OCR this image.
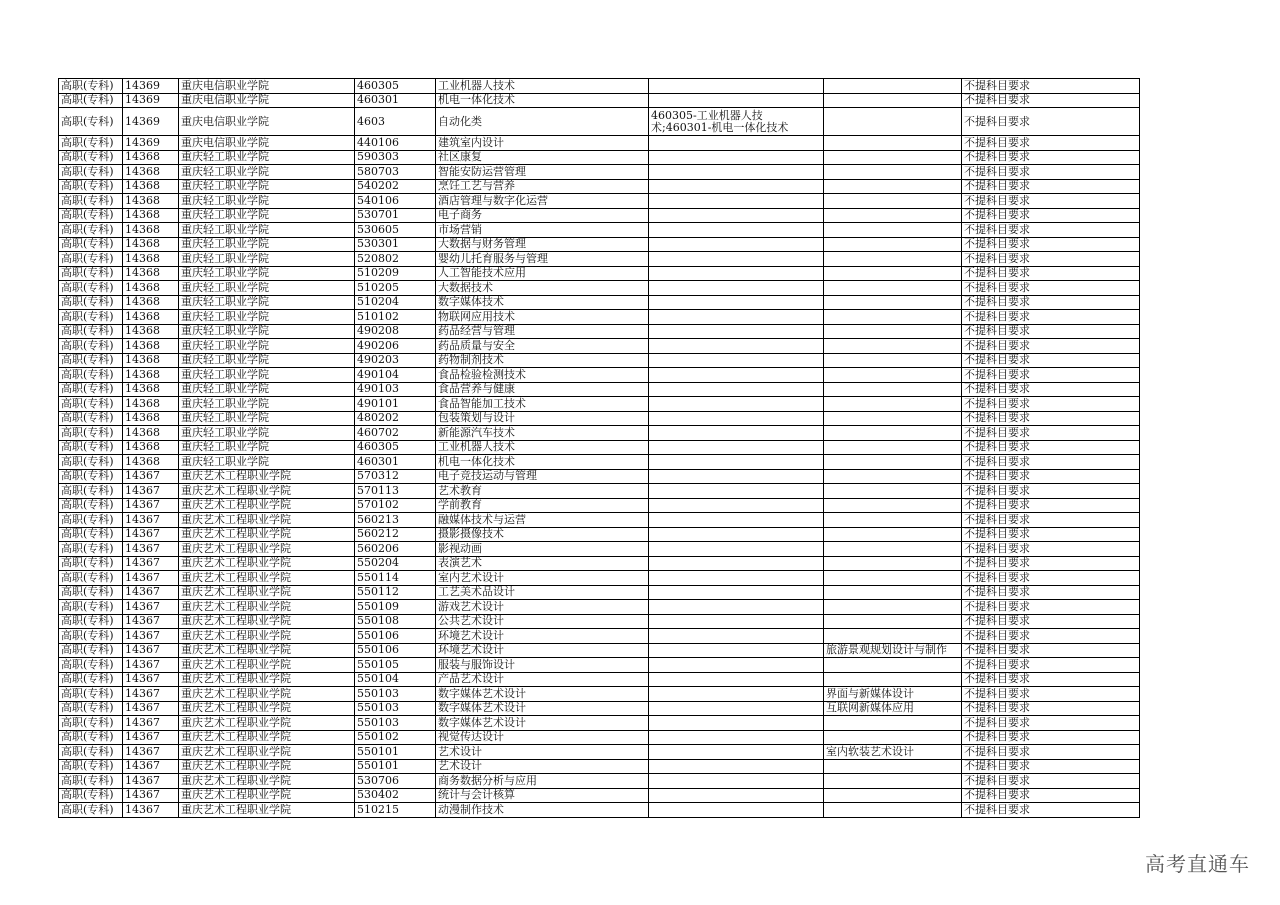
高职(专科)	14369	重庆电信职业学院	460305	工业机器人技术			不提科目要求
高职(专科)	14369	重庆电信职业学院	460301	机电一体化技术			不提科目要求
高职(专科)	14369	重庆电信职业学院	4603	自动化类	460305-工业机器人技术;460301-机电一体化技术		不提科目要求
高职(专科)	14369	重庆电信职业学院	440106	建筑室内设计			不提科目要求
高职(专科)	14368	重庆轻工职业学院	590303	社区康复			不提科目要求
高职(专科)	14368	重庆轻工职业学院	580703	智能安防运营管理			不提科目要求
高职(专科)	14368	重庆轻工职业学院	540202	烹饪工艺与营养			不提科目要求
高职(专科)	14368	重庆轻工职业学院	540106	酒店管理与数字化运营			不提科目要求
高职(专科)	14368	重庆轻工职业学院	530701	电子商务			不提科目要求
高职(专科)	14368	重庆轻工职业学院	530605	市场营销			不提科目要求
高职(专科)	14368	重庆轻工职业学院	530301	大数据与财务管理			不提科目要求
高职(专科)	14368	重庆轻工职业学院	520802	婴幼儿托育服务与管理			不提科目要求
高职(专科)	14368	重庆轻工职业学院	510209	人工智能技术应用			不提科目要求
高职(专科)	14368	重庆轻工职业学院	510205	大数据技术			不提科目要求
高职(专科)	14368	重庆轻工职业学院	510204	数字媒体技术			不提科目要求
高职(专科)	14368	重庆轻工职业学院	510102	物联网应用技术			不提科目要求
高职(专科)	14368	重庆轻工职业学院	490208	药品经营与管理			不提科目要求
高职(专科)	14368	重庆轻工职业学院	490206	药品质量与安全			不提科目要求
高职(专科)	14368	重庆轻工职业学院	490203	药物制剂技术			不提科目要求
高职(专科)	14368	重庆轻工职业学院	490104	食品检验检测技术			不提科目要求
高职(专科)	14368	重庆轻工职业学院	490103	食品营养与健康			不提科目要求
高职(专科)	14368	重庆轻工职业学院	490101	食品智能加工技术			不提科目要求
高职(专科)	14368	重庆轻工职业学院	480202	包装策划与设计			不提科目要求
高职(专科)	14368	重庆轻工职业学院	460702	新能源汽车技术			不提科目要求
高职(专科)	14368	重庆轻工职业学院	460305	工业机器人技术			不提科目要求
高职(专科)	14368	重庆轻工职业学院	460301	机电一体化技术			不提科目要求
高职(专科)	14367	重庆艺术工程职业学院	570312	电子竞技运动与管理			不提科目要求
高职(专科)	14367	重庆艺术工程职业学院	570113	艺术教育			不提科目要求
高职(专科)	14367	重庆艺术工程职业学院	570102	学前教育			不提科目要求
高职(专科)	14367	重庆艺术工程职业学院	560213	融媒体技术与运营			不提科目要求
高职(专科)	14367	重庆艺术工程职业学院	560212	摄影摄像技术			不提科目要求
高职(专科)	14367	重庆艺术工程职业学院	560206	影视动画			不提科目要求
高职(专科)	14367	重庆艺术工程职业学院	550204	表演艺术			不提科目要求
高职(专科)	14367	重庆艺术工程职业学院	550114	室内艺术设计			不提科目要求
高职(专科)	14367	重庆艺术工程职业学院	550112	工艺美术品设计			不提科目要求
高职(专科)	14367	重庆艺术工程职业学院	550109	游戏艺术设计			不提科目要求
高职(专科)	14367	重庆艺术工程职业学院	550108	公共艺术设计			不提科目要求
高职(专科)	14367	重庆艺术工程职业学院	550106	环境艺术设计			不提科目要求
高职(专科)	14367	重庆艺术工程职业学院	550106	环境艺术设计		旅游景观规划设计与制作	不提科目要求
高职(专科)	14367	重庆艺术工程职业学院	550105	服装与服饰设计			不提科目要求
高职(专科)	14367	重庆艺术工程职业学院	550104	产品艺术设计			不提科目要求
高职(专科)	14367	重庆艺术工程职业学院	550103	数字媒体艺术设计		界面与新媒体设计	不提科目要求
高职(专科)	14367	重庆艺术工程职业学院	550103	数字媒体艺术设计		互联网新媒体应用	不提科目要求
高职(专科)	14367	重庆艺术工程职业学院	550103	数字媒体艺术设计			不提科目要求
高职(专科)	14367	重庆艺术工程职业学院	550102	视觉传达设计			不提科目要求
高职(专科)	14367	重庆艺术工程职业学院	550101	艺术设计		室内软装艺术设计	不提科目要求
高职(专科)	14367	重庆艺术工程职业学院	550101	艺术设计			不提科目要求
高职(专科)	14367	重庆艺术工程职业学院	530706	商务数据分析与应用			不提科目要求
高职(专科)	14367	重庆艺术工程职业学院	530402	统计与会计核算			不提科目要求
高职(专科)	14367	重庆艺术工程职业学院	510215	动漫制作技术			不提科目要求
高考直通车
